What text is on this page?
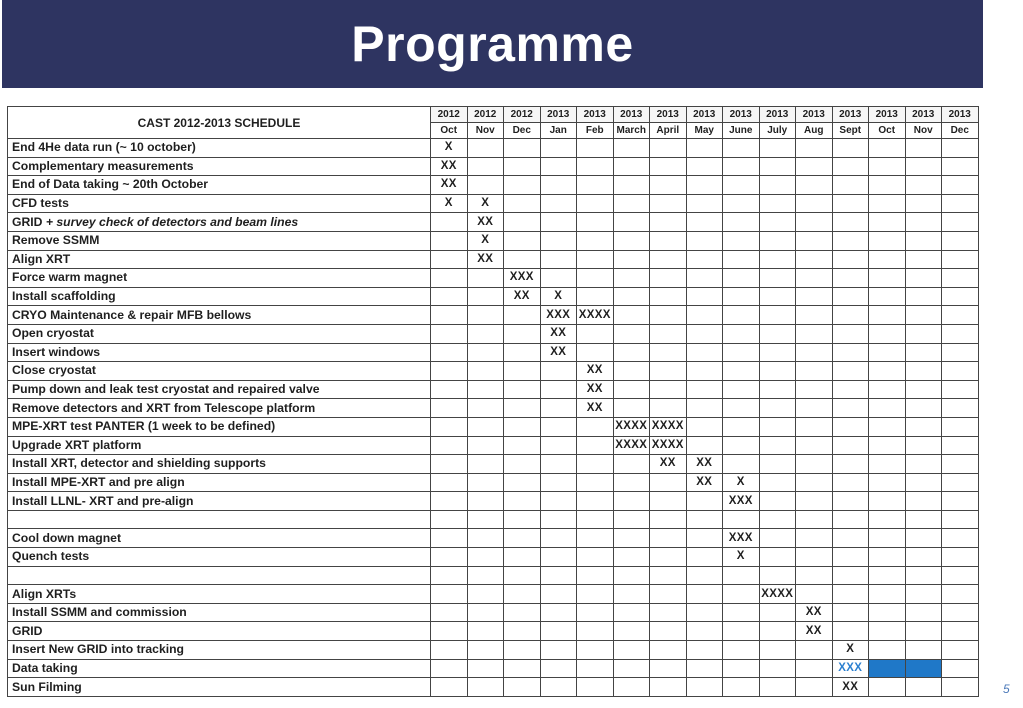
Programme
CAST 2012-2013 SCHEDULE	2012	2012	2012	2013	2013	2013	2013	2013	2013	2013	2013	2013	2013	2013	2013
	Oct	Nov	Dec	Jan	Feb	March	April	May	June	July	Aug	Sept	Oct	Nov	Dec
End 4He data run (~ 10 october)	X														
Complementary measurements	XX														
End of Data taking ~ 20th October	XX														
CFD tests	X	X													
GRID + survey check of detectors and beam lines		XX													
Remove SSMM		X													
Align XRT		XX													
Force warm magnet			XXX												
Install scaffolding			XX	X											
CRYO Maintenance & repair MFB bellows				XXX	XXXX										
Open cryostat				XX											
Insert windows				XX											
Close cryostat					XX										
Pump down and leak test cryostat and repaired valve					XX										
Remove detectors and XRT from Telescope platform					XX										
MPE-XRT test PANTER (1 week to be defined)						XXXX	XXXX								
Upgrade XRT platform						XXXX	XXXX								
Install XRT, detector and shielding supports							XX	XX							
Install MPE-XRT and pre align								XX	X						
Install LLNL- XRT and pre-align									XXX						

Cool down magnet									XXX						
Quench tests									X						

Align XRTs										XXXX					
Install SSMM and commission											XX				
GRID											XX				
Insert New GRID into tracking												X			
Data taking												XXX			
Sun Filming												XX				5
